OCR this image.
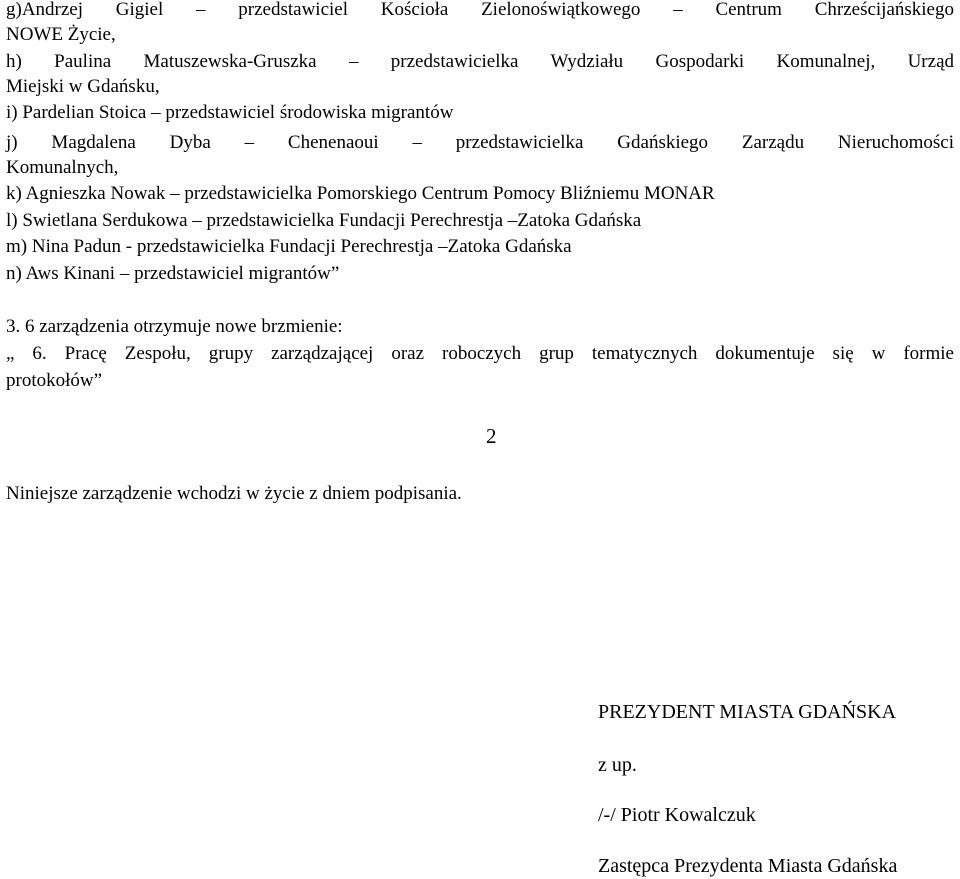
g)Andrzej Gigiel – przedstawiciel Kościoła Zielonoświątkowego – Centrum Chrześcijańskiego
NOWE Życie,
h) Paulina Matuszewska-Gruszka – przedstawicielka Wydziału Gospodarki Komunalnej, Urząd
Miejski w Gdańsku,
i) Pardelian Stoica – przedstawiciel środowiska migrantów
j) Magdalena Dyba – Chenenaoui – przedstawicielka Gdańskiego Zarządu Nieruchomości
Komunalnych,
k) Agnieszka Nowak – przedstawicielka Pomorskiego Centrum Pomocy Bliźniemu MONAR
l) Swietlana Serdukowa – przedstawicielka Fundacji Perechrestja –Zatoka Gdańska
m) Nina Padun - przedstawicielka Fundacji Perechrestja –Zatoka Gdańska
n) Aws Kinani – przedstawiciel migrantów”
3. 6 zarządzenia otrzymuje nowe brzmienie:
„ 6. Pracę Zespołu, grupy zarządzającej oraz roboczych grup tematycznych dokumentuje się w formie
protokołów”
2
Niniejsze zarządzenie wchodzi w życie z dniem podpisania.
PREZYDENT MIASTA GDAŃSKA
z up.
/-/ Piotr Kowalczuk
Zastępca Prezydenta Miasta Gdańska
